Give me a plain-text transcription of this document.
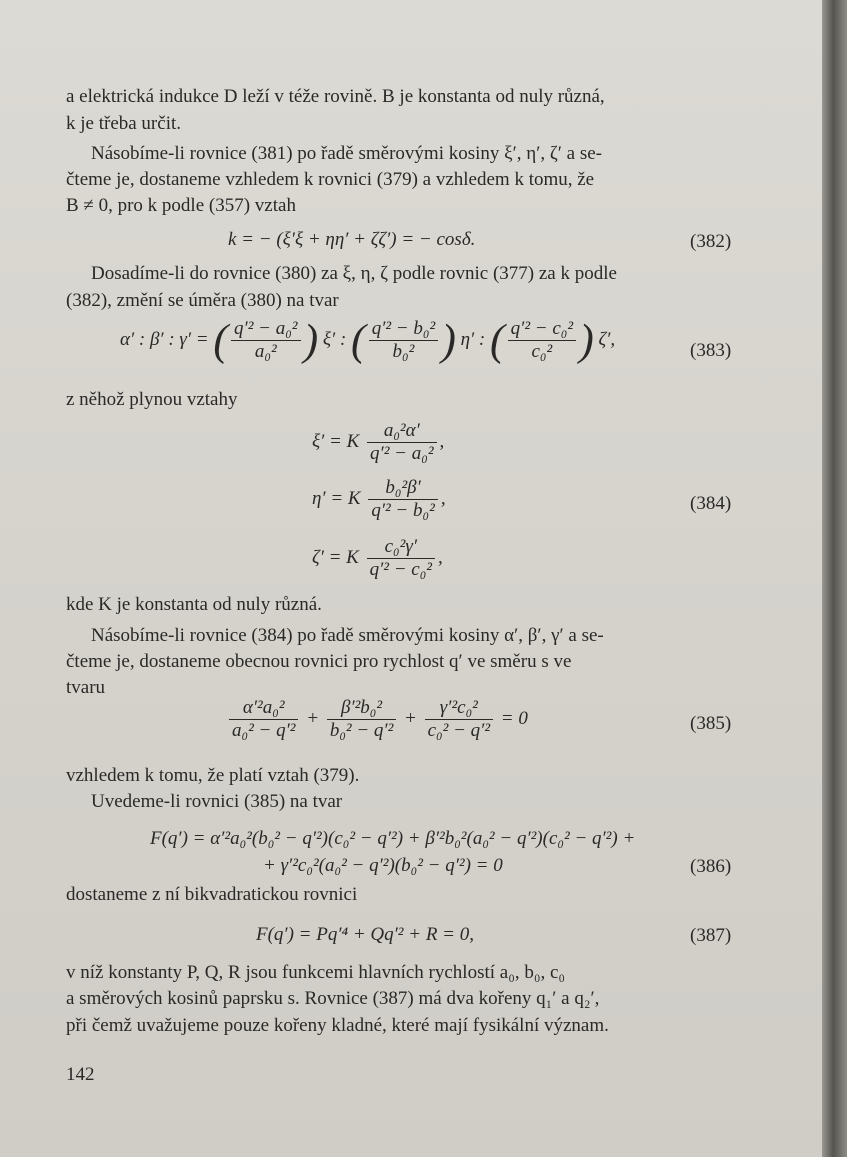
a elektrická indukce D leží v téže rovině. B je konstanta od nuly různá,
k je třeba určit.
Násobíme-li rovnice (381) po řadě směrovými kosiny ξ′, η′, ζ′ a se-
čteme je, dostaneme vzhledem k rovnici (379) a vzhledem k tomu, že
B ≠ 0, pro k podle (357) vztah
k = − (ξ′ξ + ηη′ + ζζ′) = − cosδ.	(382)
Dosadíme-li do rovnice (380) za ξ, η, ζ podle rovnic (377) za k podle
(382), změní se úměra (380) na tvar
α′ : β′ : γ′ = ( $\frac{\text{q′² − a₀²}}{\text{a₀²}}$ ) ξ′ : ( $\frac{\text{q′² − b₀²}}{\text{b₀²}}$ ) η′ : ( $\frac{\text{q′² − c₀²}}{\text{c₀²}}$ ) ζ′,
(383)
z něhož plynou vztahy
ξ′ = K $\frac{\text{a₀²α′}}{\text{q′² − a₀²}}$ ,
η′ = K $\frac{\text{b₀²β′}}{\text{q′² − b₀²}}$ ,
ζ′ = K $\frac{\text{c₀²γ′}}{\text{q′² − c₀²}}$ ,
(384)
kde K je konstanta od nuly různá.
Násobíme-li rovnice (384) po řadě směrovými kosiny α′, β′, γ′ a se-
čteme je, dostaneme obecnou rovnici pro rychlost q′ ve směru s ve
tvaru
$\frac{\text{α′²a₀²}}{\text{a₀² − q′²}} + \frac{\text{β′²b₀²}}{\text{b₀² − q′²}} + \frac{\text{γ′²c₀²}}{\text{c₀² − q′²}} = 0$	(385)
vzhledem k tomu, že platí vztah (379).
Uvedeme-li rovnici (385) na tvar
F(q′) = α′²a₀²(b₀² − q′²)(c₀² − q′²) + β′²b₀²(a₀² − q′²)(c₀² − q′²) +
+ γ′²c₀²(a₀² − q′²)(b₀² − q′²) = 0	(386)
dostaneme z ní bikvadratickou rovnici
F(q′) = Pq′⁴ + Qq′² + R = 0,	(387)
v níž konstanty P, Q, R jsou funkcemi hlavních rychlostí a₀, b₀, c₀
a směrových kosinů paprsku s. Rovnice (387) má dva kořeny q₁′ a q₂′,
při čemž uvažujeme pouze kořeny kladné, které mají fysikální význam.
142
